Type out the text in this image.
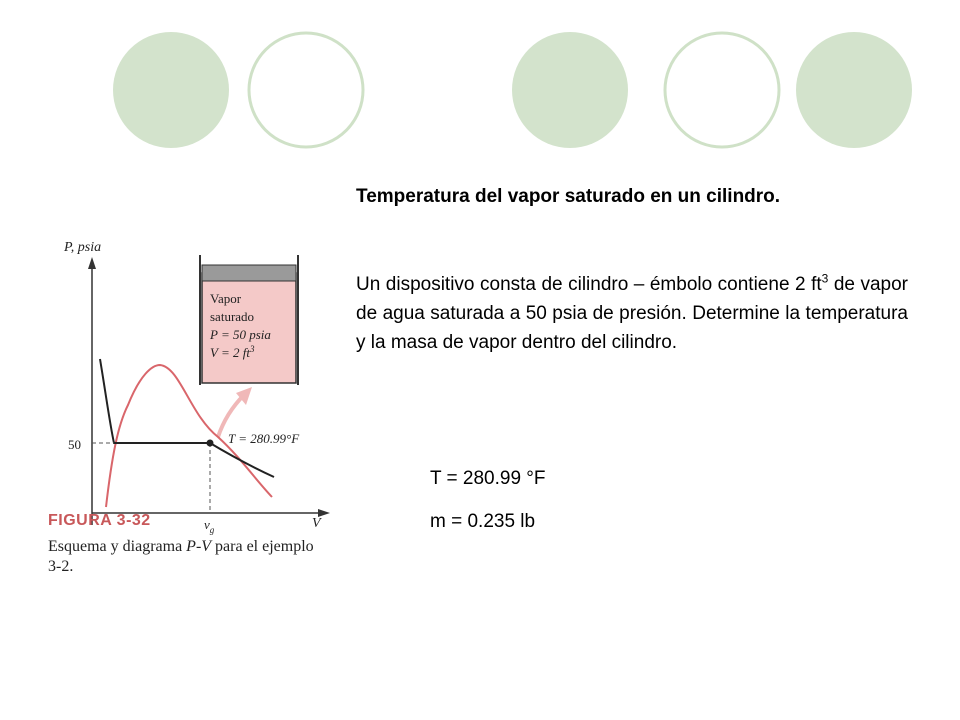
Temperatura del vapor saturado en un cilindro.
Un dispositivo consta de cilindro – émbolo contiene 2 $ft^3$ de vapor de agua saturada a 50 psia de presión. Determine la temperatura y la masa de vapor dentro del cilindro.
T = 280.99 °F
m = 0.235 lb
P, psia
V
50
Vapor
saturado
P = 50 psia
V = 2 $ft^3$
T = 280.99°F
$v_g$
FIGURA 3-32
Esquema y diagrama P-V para el ejemplo 3-2.
